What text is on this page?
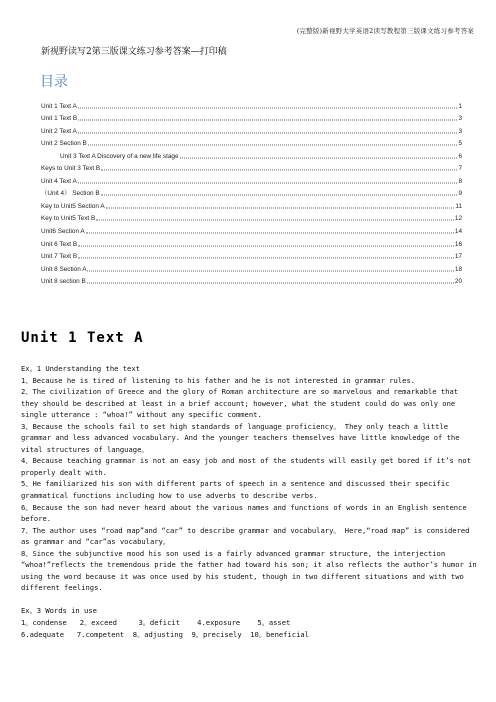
(完整版)新视野大学英语2读写教程第三版课文练习参考答案
新视野读写2第三版课文练习参考答案—打印稿
目录
Unit 1 Text A	1
Unit 1 Text B	3
Unit 2 Text A	3
Unit 2 Section B	5
Unit 3 Text A Discovery of a new life stage	6
Keys to Unit 3 Text B	7
Unit 4 Text A	8
（Unit 4） Section B	9
Key to Unit5 Section A	11
Key to Unit5 Text B	12
Unit6 Section A	14
Unit 6 Text B	16
Unit 7 Text B	17
Unit 8 Section A	18
Unit 8 section B	20
Unit 1 Text A

Ex。1 Understanding the text

1、Because he is tired of listening to his father and he is not interested in grammar rules.

2、The civilization of Greece and the glory of Roman architecture are so marvelous and remarkable that they should be described at least in a brief account; however, what the student could do was only one single utterance : “whoa!” without any specific comment.

3、Because the schools fail to set high standards of language proficiency。 They only teach a little grammar and less advanced vocabulary. And the younger teachers themselves have little knowledge of the vital structures of language。

4、Because teaching grammar is not an easy job and most of the students will easily get bored if it’s not properly dealt with.

5、He familiarized his son with different parts of speech in a sentence and discussed their specific grammatical functions including how to use adverbs to describe verbs.

6、Because the son had never heard about the various names and functions of words in an English sentence before.

7、The author uses “road map”and “car” to describe grammar and vocabulary。 Here,“road map” is considered as grammar and “car”as vocabulary。

8、Since the subjunctive mood his son used is a fairly advanced grammar structure, the interjection “whoa!”reflects the tremendous pride the father had toward his son; it also reflects the author’s humor in using the word because it was once used by his student, though in two different situations and with two different feelings.

Ex。3 Words in use

1。condense   2。exceed     3。deficit    4.exposure    5。asset

6.adequate   7.competent  8。adjusting  9。precisely  10。beneficial
